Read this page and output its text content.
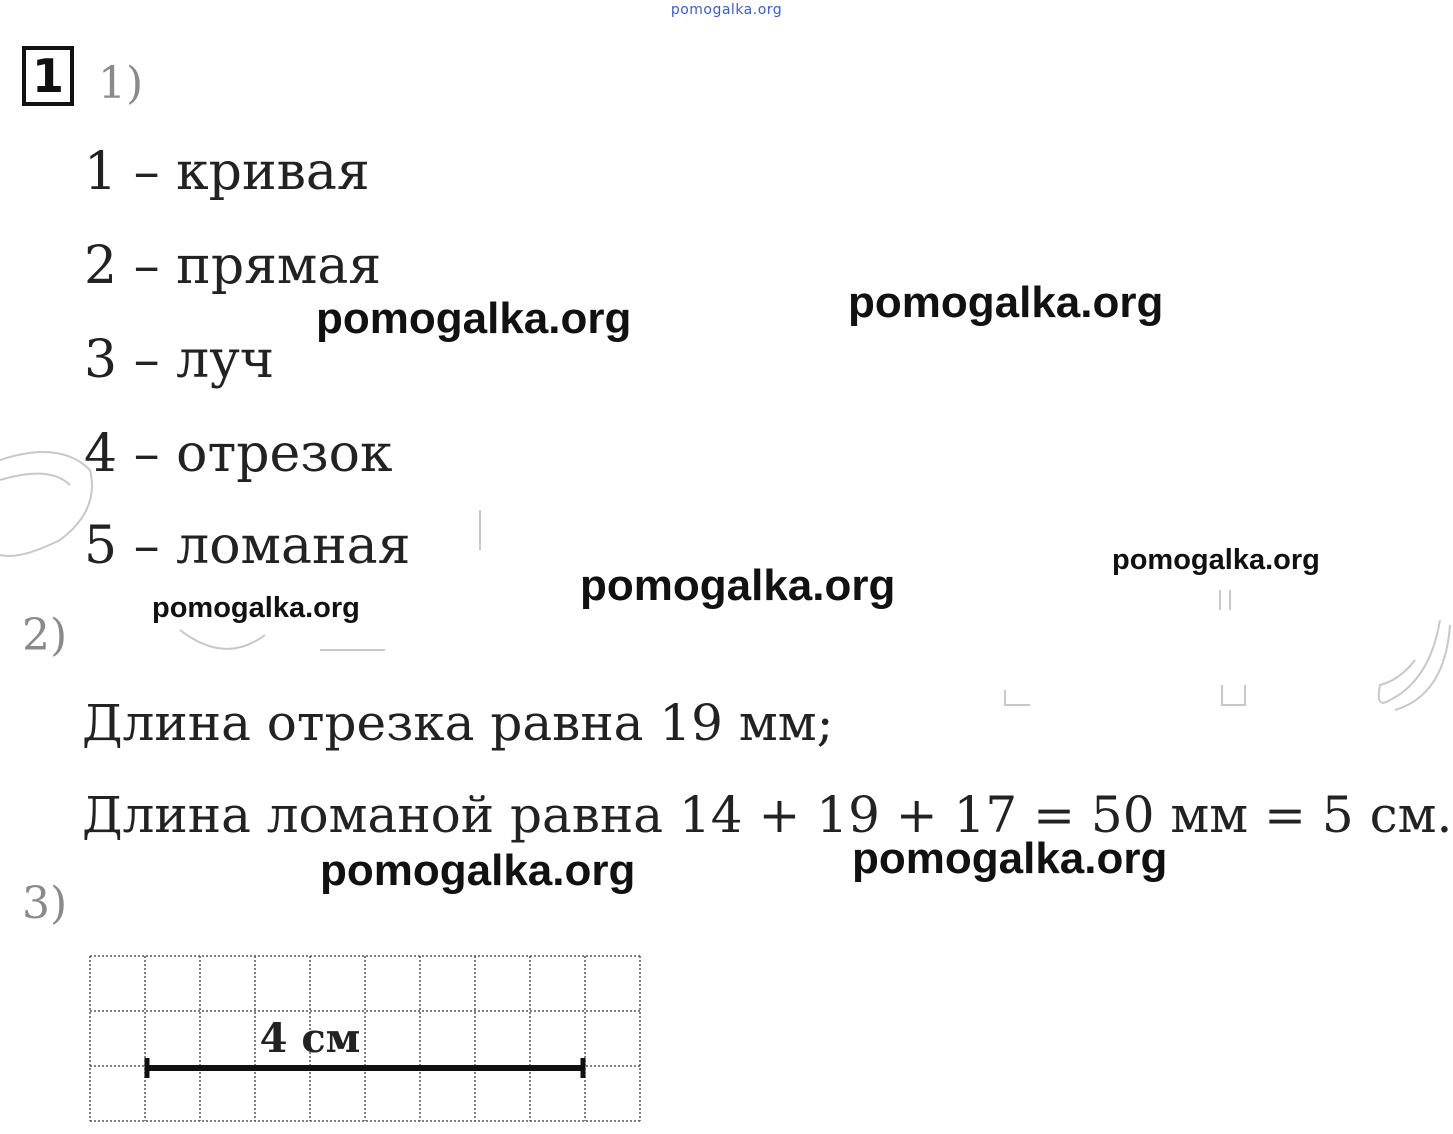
pomogalka.org
1 1)
2)
3)
1 – кривая
2 – прямая
3 – луч
4 – отрезок
5 – ломаная
Длина отрезка равна 19 мм;
Длина ломаной равна 14 + 19 + 17 = 50 мм = 5 см.
4 см
pomogalka.org	pomogalka.org
pomogalka.org
pomogalka.org
pomogalka.org
pomogalka.org	pomogalka.org
